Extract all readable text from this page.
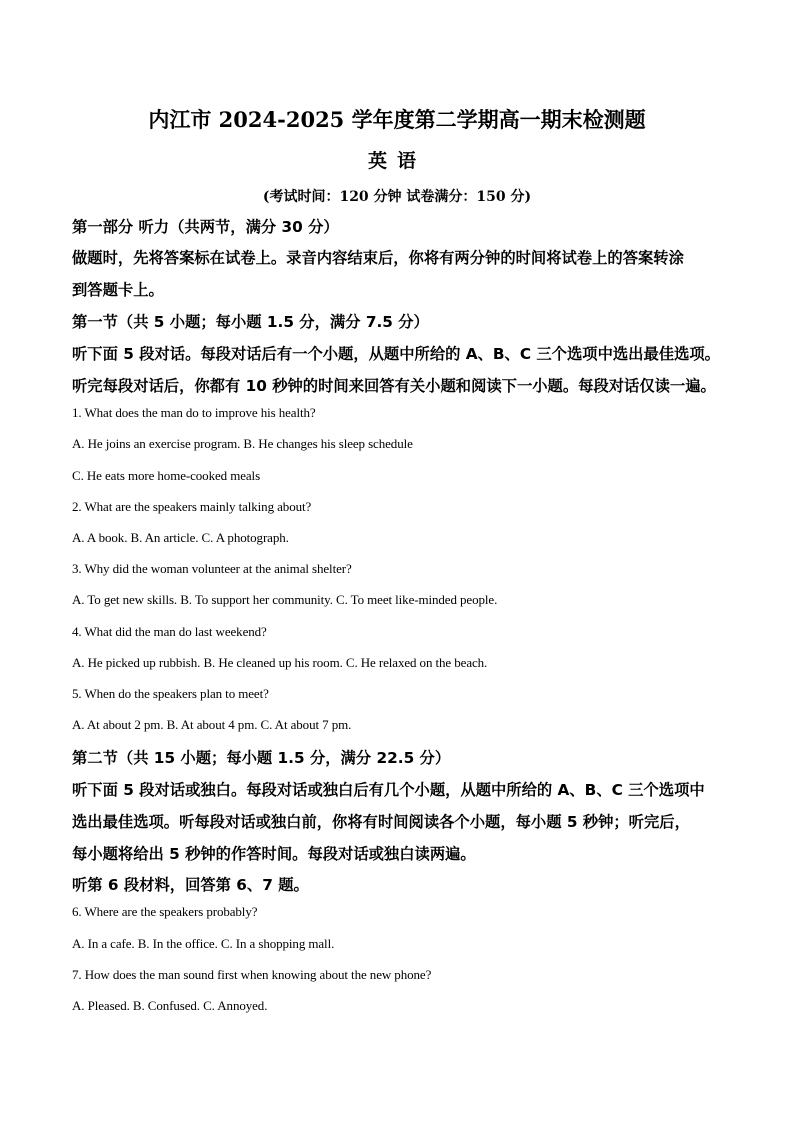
内江市 2024-2025 学年度第二学期高一期末检测题
英语
(考试时间：120 分钟 试卷满分：150 分)
第一部分 听力（共两节，满分 30 分）
做题时，先将答案标在试卷上。录音内容结束后，你将有两分钟的时间将试卷上的答案转涂
到答题卡上。
第一节（共 5 小题；每小题 1.5 分，满分 7.5 分）
听下面 5 段对话。每段对话后有一个小题，从题中所给的 A、B、C 三个选项中选出最佳选项。
听完每段对话后，你都有 10 秒钟的时间来回答有关小题和阅读下一小题。每段对话仅读一遍。
1. What does the man do to improve his health?
A. He joins an exercise program. B. He changes his sleep schedule
C. He eats more home-cooked meals
2. What are the speakers mainly talking about?
A. A book. B. An article. C. A photograph.
3. Why did the woman volunteer at the animal shelter?
A. To get new skills. B. To support her community. C. To meet like-minded people.
4. What did the man do last weekend?
A. He picked up rubbish. B. He cleaned up his room. C. He relaxed on the beach.
5. When do the speakers plan to meet?
A. At about 2 pm. B. At about 4 pm. C. At about 7 pm.
第二节（共 15 小题；每小题 1.5 分，满分 22.5 分）
听下面 5 段对话或独白。每段对话或独白后有几个小题，从题中所给的 A、B、C 三个选项中
选出最佳选项。听每段对话或独白前，你将有时间阅读各个小题，每小题 5 秒钟；听完后，
每小题将给出 5 秒钟的作答时间。每段对话或独白读两遍。
听第 6 段材料，回答第 6、7 题。
6. Where are the speakers probably?
A. In a cafe. B. In the office. C. In a shopping mall.
7. How does the man sound first when knowing about the new phone?
A. Pleased. B. Confused. C. Annoyed.
